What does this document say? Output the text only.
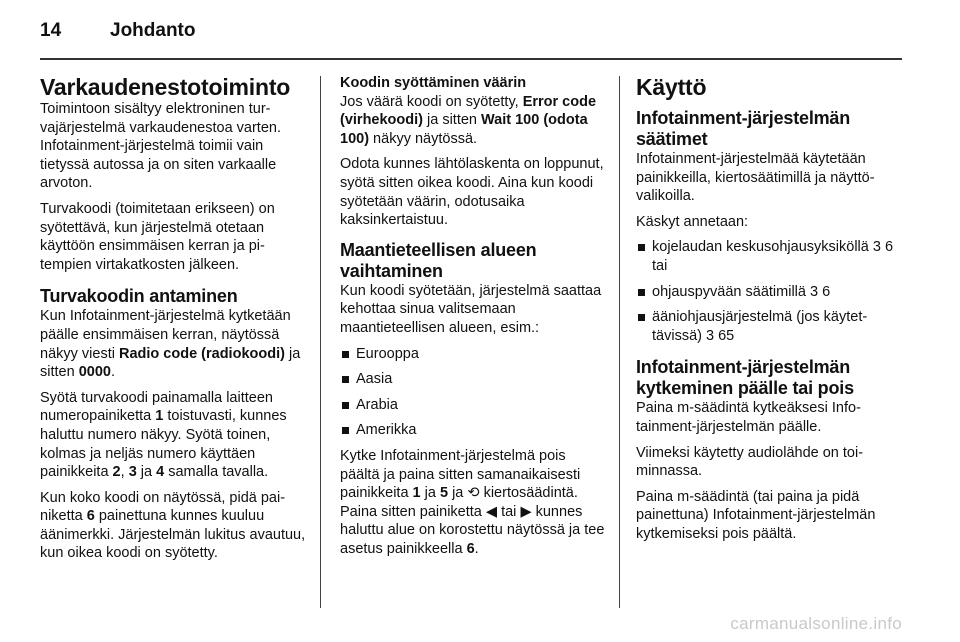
14	Johdanto
Varkaudenestotoiminto

Toimintoon sisältyy elektroninen turvajärjestelmä varkaudenestoa varten. Infotainment-järjestelmä toimii vain tietyssä autossa ja on siten varkaalle arvoton.

Turvakoodi (toimitetaan erikseen) on syötettävä, kun järjestelmä otetaan käyttöön ensimmäisen kerran ja pitempien virtakatkosten jälkeen.

Turvakoodin antaminen

Kun Infotainment-järjestelmä kytketään päälle ensimmäisen kerran, näytössä näkyy viesti Radio code (radiokoodi) ja sitten 0000.

Syötä turvakoodi painamalla laitteen numeropainiketta 1 toistuvasti, kunnes haluttu numero näkyy. Syötä toinen, kolmas ja neljäs numero käyttäen painikkeita 2, 3 ja 4 samalla tavalla.

Kun koko koodi on näytössä, pidä painiketta 6 painettuna kunnes kuuluu äänimerkki. Järjestelmän lukitus avautuu, kun oikea koodi on syötetty.

Koodin syöttäminen väärin

Jos väärä koodi on syötetty, Error code (virhekoodi) ja sitten Wait 100 (odota 100) näkyy näytössä.

Odota kunnes lähtölaskenta on loppunut, syötä sitten oikea koodi. Aina kun koodi syötetään väärin, odotusaika kaksinkertaistuu.

Maantieteellisen alueen vaihtaminen

Kun koodi syötetään, järjestelmä saattaa kehottaa sinua valitsemaan maantieteellisen alueen, esim.:

Eurooppa
Aasia
Arabia
Amerikka

Kytke Infotainment-järjestelmä pois päältä ja paina sitten samanaikaisesti painikkeita 1 ja 5 ja ⟲ kiertosäädintä. Paina sitten painiketta ◀ tai ▶ kunnes haluttu alue on korostettu näytössä ja tee asetus painikkeella 6.

Käyttö
Infotainment-järjestelmän säätimet

Infotainment-järjestelmää käytetään painikkeilla, kiertosäätimillä ja näyttövalikoilla.

Käskyt annetaan:

kojelaudan keskusohjausyksiköllä 3 6 tai
ohjauspyvään säätimillä 3 6
ääniohjausjärjestelmä (jos käytettävissä) 3 65
Infotainment-järjestelmän kytkeminen päälle tai pois

Paina m-säädintä kytkeäksesi Infotainment-järjestelmän päälle.

Viimeksi käytetty audiolähde on toiminnassa.

Paina m-säädintä (tai paina ja pidä painettuna) Infotainment-järjestelmän kytkemiseksi pois päältä.

carmanualsonline.info
